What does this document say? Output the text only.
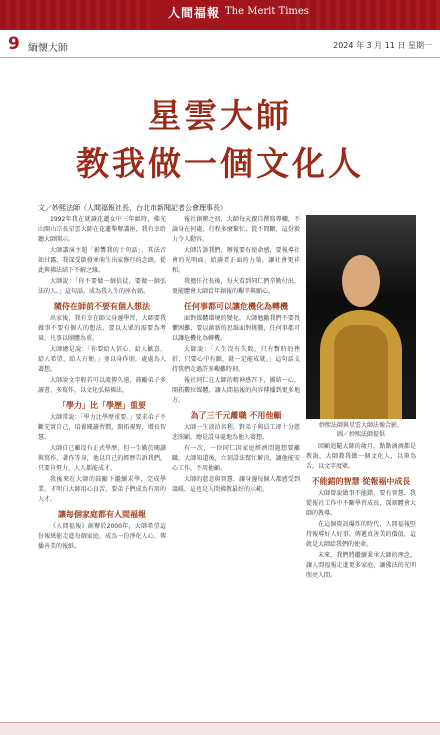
人間福報 The Merit Times
9 緬懷大師	2024 年 3 月 11 日 星期一
星雲大師
教我做一個文化人
文／妙熙法師（人間福報社長、台北市新聞記者公會理事長）

1992年我在就讀花蓮女中三年級時，佛光山開山宗長星雲大師在花蓮舉辦講座，我有幸聆聽大師開示。

大師講演主題「影響我的十句話」，其法音如甘露，我深受啟發並萌生出家修行的念頭，從此與佛法結下不解之緣。

大師說：「你不要做一個信徒，要做一個弘法的人。」這句話，成為我人生的座右銘。

隨侍在師前不要有個人想法

出家後，我有幸在師父身邊學習，大師要我做事不要有個人的想法，要以大眾的需要為考量，凡事以團體為重。

大師總是說：「你要給人信心、給人歡喜、給人希望、給人方便。」並以身作則，處處為人著想。

大師說文字般若可以流傳久遠，鼓勵弟子多讀書、多寫作，以文化弘揚佛法。

「學力」比「學歷」重要

大師常說：「學力比學歷重要。」要求弟子不斷充實自己，培養閱讀習慣，開拓視野，增長智慧。

大師自己雖沒有正式學歷，但一生勤於閱讀與寫作，著作等身，他以自己的經歷告訴我們，只要肯努力，人人都能成才。

我後來在大師的鼓勵下繼續求學，完成學業，才明白大師用心良苦，要弟子們成為有用的人才。

讓每個家庭都有人間福報

《人間福報》創辦於2000年，大師希望這份報紙能走進每個家庭，成為一份淨化人心、傳播善美的報紙。

報社創辦之初，大師每天親自撰寫專欄，不論身在何處、行程多麼繁忙，從不間斷，這份毅力令人動容。

大師告訴我們，辦報要有使命感，要報導社會的光明面，給讀者正面的力量，讓社會更祥和。

我擔任社長後，每天看到同仁們辛勤付出，更能體會大師當年創報的艱辛與願心。

任何事都可以讓危機化為轉機

面對媒體環境的變化，大師勉勵我們不要畏懼困難，要以創新的思維面對挑戰，任何事都可以讓危機化為轉機。

大師說：「人生沒有失敗，只有暫時的挫折，只要心中有願，就一定能成就。」這句話支持我們走過許多艱難時刻。

報社同仁在大師的精神感召下，團結一心，開拓數位媒體，讓人間福報的內容傳播到更多地方。

為了三千元離職 不用他顧

大師一生淡泊名利，對弟子與員工卻十分慈悲照顧，總是設身處地為他人著想。

有一次，一位同仁因家庭經濟問題想要離職，大師知道後，立刻設法幫忙解決，讓他能安心工作，不用他顧。

大師的慈悲與智慧，讓身邊每個人都感受到溫暖，這也是人間佛教最好的示範。

妙熙法師與星雲大師法像合影。
圖／妙熙法師提供

回顧追隨大師的歲月，點點滴滴都是教誨，大師教我做一個文化人，以筆為舌，以文字度眾。

不能錯的智慧 從報福中成長

大師曾說做事不能錯，要有智慧，我從報社工作中不斷學習成長，深刻體會大師的教導。

在這個資訊爆炸的時代，人間福報堅持報導好人好事，傳遞真善美的價值，這就是大師給我們的使命。

未來，我們將繼續秉承大師的理念，讓人間福報走進更多家庭，讓佛法的光明照亮人間。
